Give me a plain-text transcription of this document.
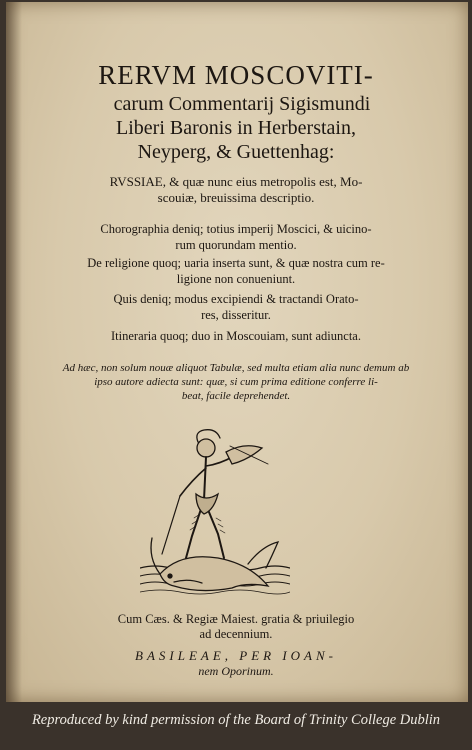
RERVM MOSCOVITI-
carum Commentarij Sigismundi
Liberi Baronis in Herberstain,
Neyperg, & Guettenhag:
RVSSIAE, & quæ nunc eius metropolis est, Mo-
scouiæ, breuissima descriptio.
Chorographia deniq; totius imperij Moscici, & uicino-
rum quorundam mentio.
De religione quoq; uaria inserta sunt, & quæ nostra cum re-
ligione non conueniunt.
Quis deniq; modus excipiendi & tractandi Orato-
res, disseritur.
Itineraria quoq; duo in Moscouiam, sunt adiuncta.
Ad hæc, non solum nouæ aliquot Tabulæ, sed multa etiam alia nunc demum ab
ipso autore adiecta sunt: quæ, si cum prima editione conferre li-
beat, facile deprehendet.
Cum Cæs. & Regiæ Maiest. gratia & priuilegio
ad decennium.
BASILEAE, PER IOAN-
nem Oporinum.
Reproduced by kind permission of the Board of Trinity College Dublin
